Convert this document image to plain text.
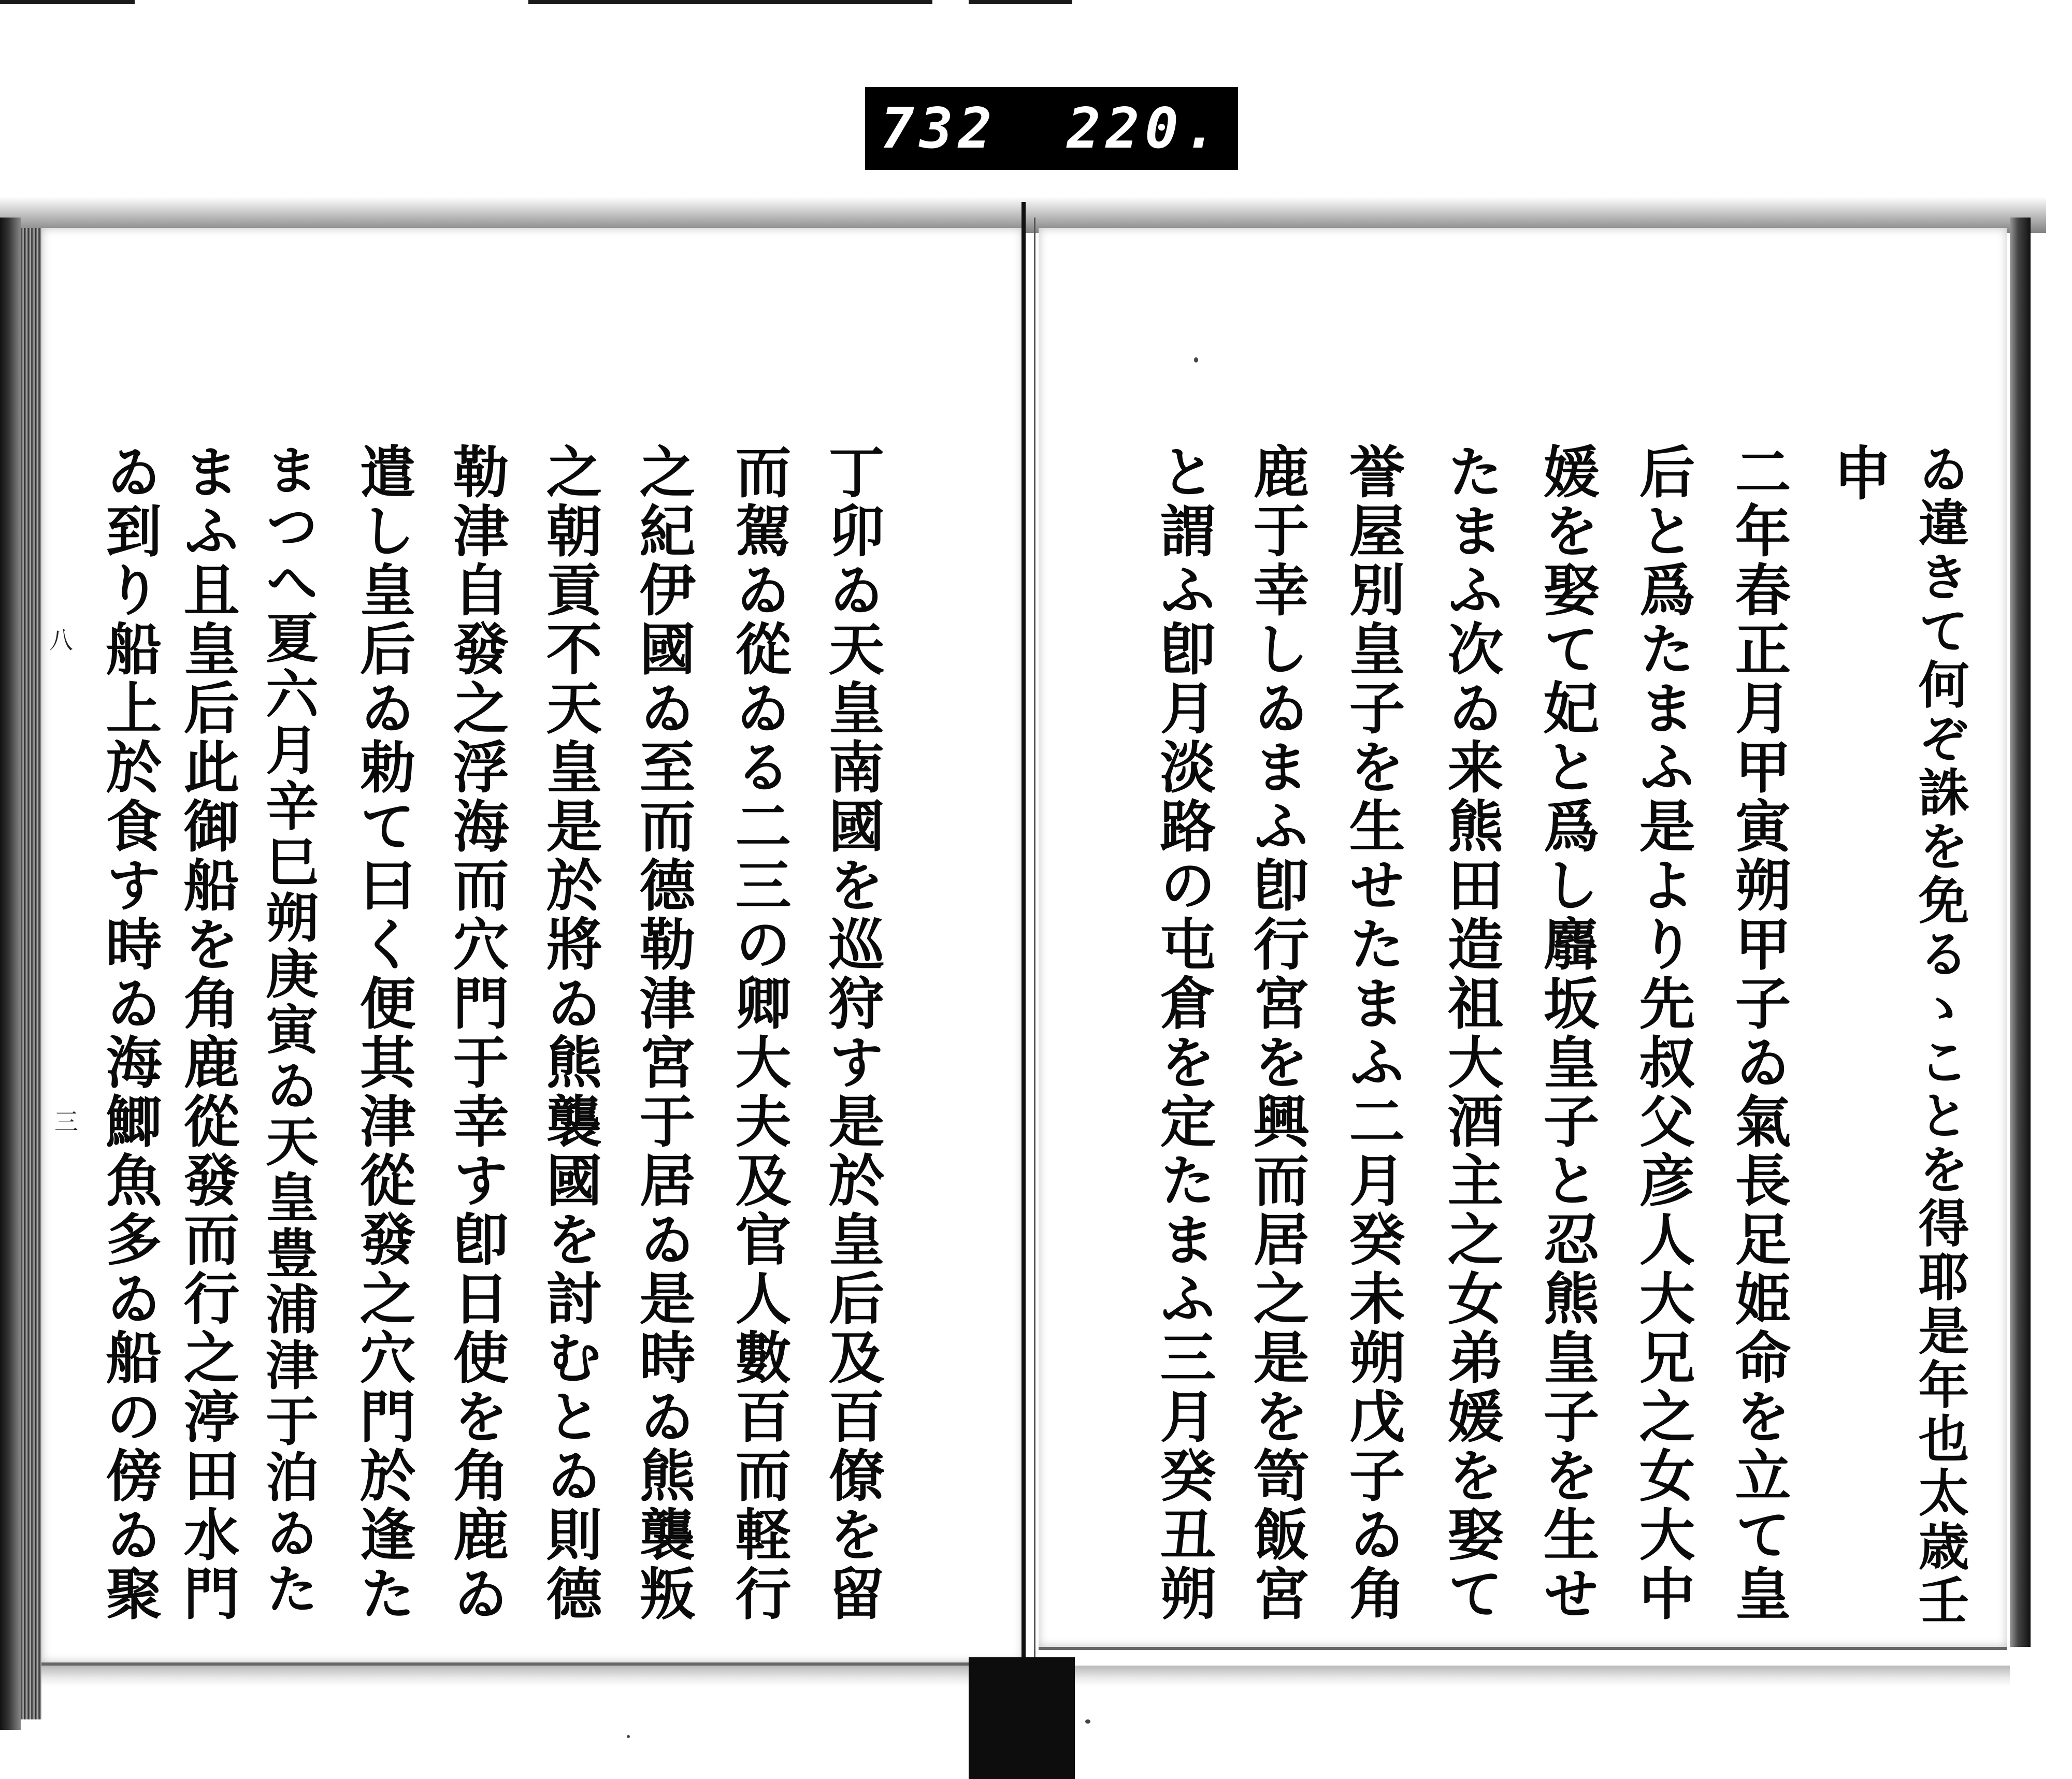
732 220.
ゐ違きて何ぞ誅を免るゝことを得耶是年也太歳壬
申
二年春正月甲寅朔甲子ゐ氣長足姫命を立て皇
后と爲たまふ是より先叔父彦人大兄之女大中
媛を娶て妃と爲し麛坂皇子と忍熊皇子を生せ
たまふ次ゐ来熊田造祖大酒主之女弟媛を娶て
誉屋別皇子を生せたまふ二月癸未朔戊子ゐ角
鹿于幸しゐまふ卽行宮を興而居之是を笥飯宮
と謂ふ卽月淡路の屯倉を定たまふ三月癸丑朔
丁卯ゐ天皇南國を巡狩す是於皇后及百僚を留
而駕ゐ從ゐる二三の卿大夫及官人數百而軽行
之紀伊國ゐ至而德勒津宮于居ゐ是時ゐ熊襲叛
之朝貢不天皇是於將ゐ熊襲國を討むとゐ則德
勒津自發之浮海而穴門于幸す卽日使を角鹿ゐ
遣し皇后ゐ勅て曰く便其津從發之穴門於逢た
まつへ夏六月辛巳朔庚寅ゐ天皇豊浦津于泊ゐた
まふ且皇后此御船を角鹿從發而行之渟田水門
ゐ到り船上於食す時ゐ海鯽魚多ゐ船の傍ゐ聚
八
三
